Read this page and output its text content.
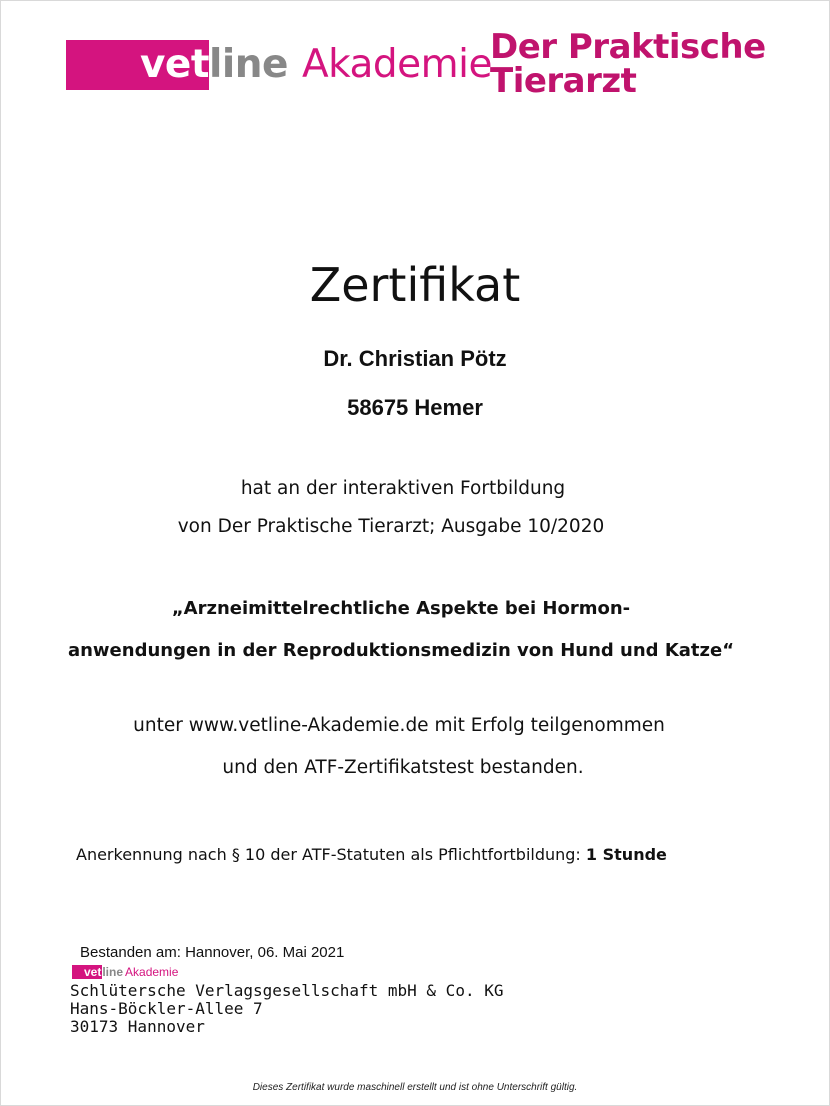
vet line Akademie
Der Praktische
Tierarzt
Zertifikat
Dr. Christian Pötz
58675 Hemer
hat an der interaktiven Fortbildung
von Der Praktische Tierarzt; Ausgabe 10/2020
„Arzneimittelrechtliche Aspekte bei Hormon-
anwendungen in der Reproduktionsmedizin von Hund und Katze“
unter www.vetline-Akademie.de mit Erfolg teilgenommen
und den ATF-Zertifikatstest bestanden.
Anerkennung nach § 10 der ATF-Statuten als Pflichtfortbildung: 1 Stunde
Bestanden am: Hannover, 06. Mai 2021
vet line Akademie
Schlütersche Verlagsgesellschaft mbH & Co. KG
Hans-Böckler-Allee 7
30173 Hannover
Dieses Zertifikat wurde maschinell erstellt und ist ohne Unterschrift gültig.
